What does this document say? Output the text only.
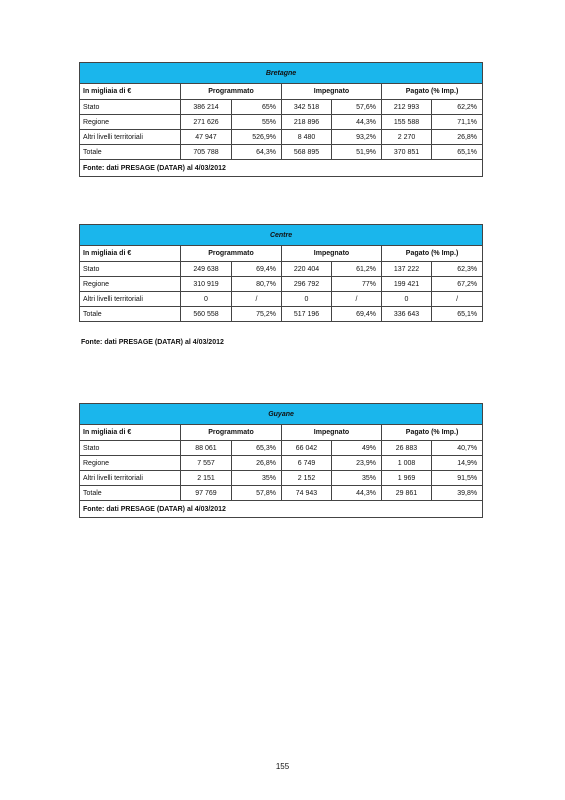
Bretagne						
In migliaia di €	Programmato		Impegnato		Pagato (% Imp.)	
Stato	386 214	65%	342 518	57,6%	212 993	62,2%
Regione	271 626	55%	218 896	44,3%	155 588	71,1%
Altri livelli territoriali	47 947	526,9%	8 480	93,2%	2 270	26,8%
Totale	705 788	64,3%	568 895	51,9%	370 851	65,1%
Fonte: dati PRESAGE (DATAR) al 4/03/2012						
Centre						
In migliaia di €	Programmato		Impegnato		Pagato (% Imp.)	
Stato	249 638	69,4%	220 404	61,2%	137 222	62,3%
Regione	310 919	80,7%	296 792	77%	199 421	67,2%
Altri livelli territoriali	0	/	0	/	0	/
Totale	560 558	75,2%	517 196	69,4%	336 643	65,1%
Fonte: dati PRESAGE (DATAR) al 4/03/2012
Guyane						
In migliaia di €	Programmato		Impegnato		Pagato (% Imp.)	
Stato	88 061	65,3%	66 042	49%	26 883	40,7%
Regione	7 557	26,8%	6 749	23,9%	1 008	14,9%
Altri livelli territoriali	2 151	35%	2 152	35%	1 969	91,5%
Totale	97 769	57,8%	74 943	44,3%	29 861	39,8%
Fonte: dati PRESAGE (DATAR) al 4/03/2012						
155
